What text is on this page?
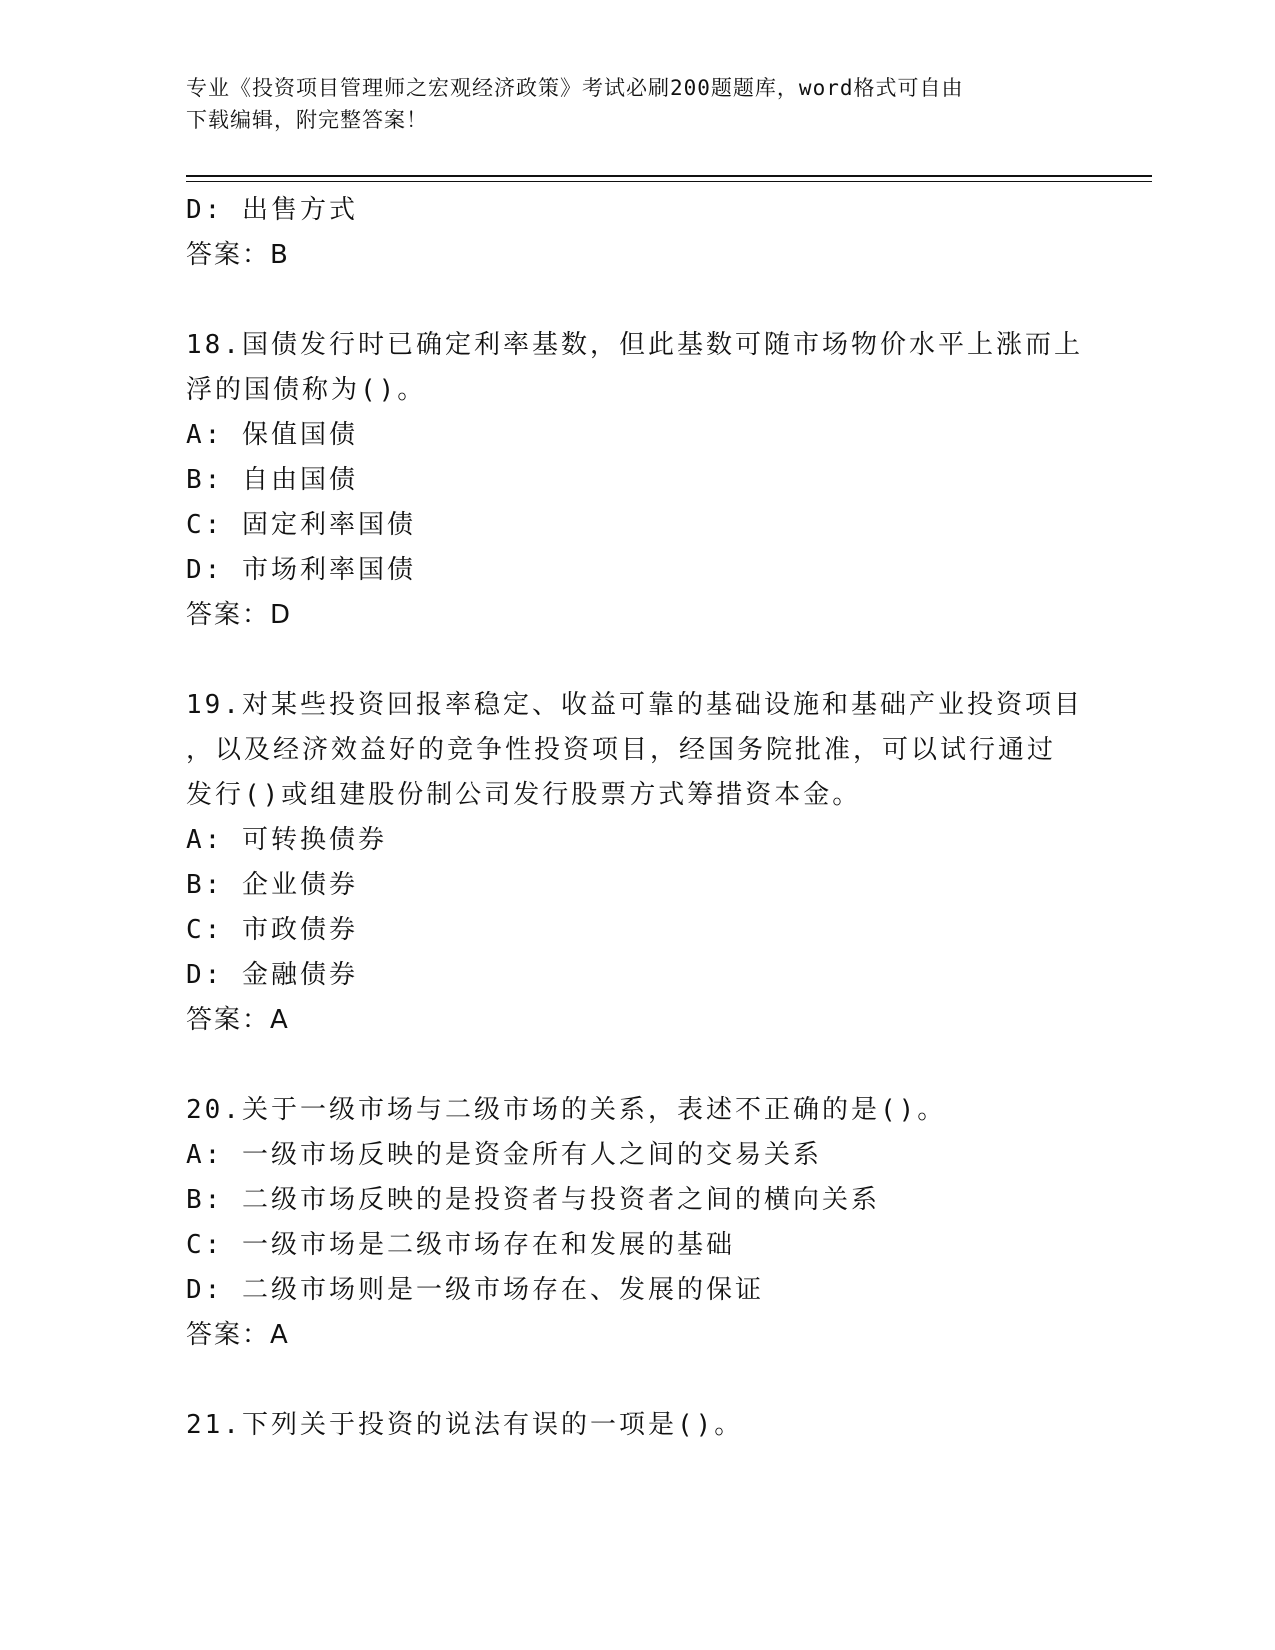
专业《投资项目管理师之宏观经济政策》考试必刷200题题库，word格式可自由
下载编辑，附完整答案！
D: 出售方式
答案：B
18.国债发行时已确定利率基数，但此基数可随市场物价水平上涨而上
浮的国债称为()。
A: 保值国债
B: 自由国债
C: 固定利率国债
D: 市场利率国债
答案：D
19.对某些投资回报率稳定、收益可靠的基础设施和基础产业投资项目
，以及经济效益好的竞争性投资项目，经国务院批准，可以试行通过
发行()或组建股份制公司发行股票方式筹措资本金。
A: 可转换债券
B: 企业债券
C: 市政债券
D: 金融债券
答案：A
20.关于一级市场与二级市场的关系，表述不正确的是()。
A: 一级市场反映的是资金所有人之间的交易关系
B: 二级市场反映的是投资者与投资者之间的横向关系
C: 一级市场是二级市场存在和发展的基础
D: 二级市场则是一级市场存在、发展的保证
答案：A
21.下列关于投资的说法有误的一项是()。
